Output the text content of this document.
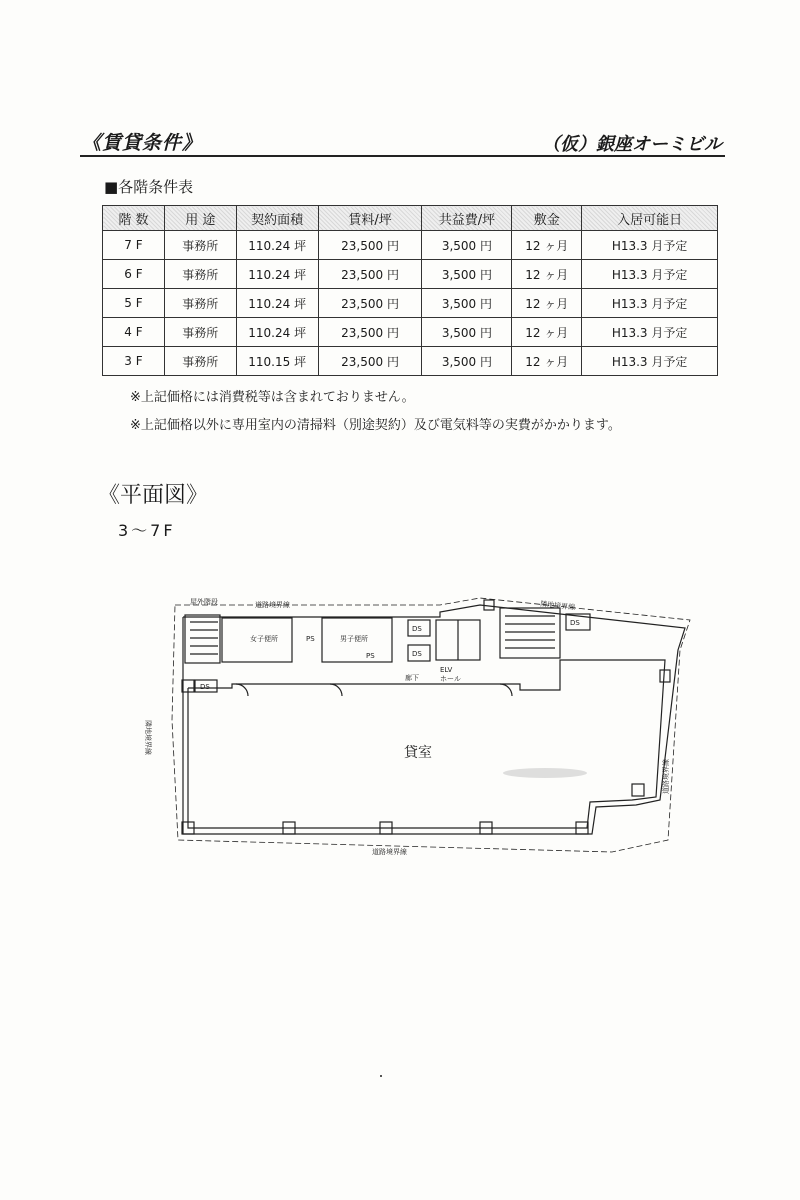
《賃貸条件》	（仮）銀座オーミビル
■各階条件表
階 数	用 途	契約面積	賃料/坪	共益費/坪	敷金	入居可能日
7 F	事務所	110.24 坪	23,500 円	3,500 円	12 ヶ月	H13.3 月予定
6 F	事務所	110.24 坪	23,500 円	3,500 円	12 ヶ月	H13.3 月予定
5 F	事務所	110.24 坪	23,500 円	3,500 円	12 ヶ月	H13.3 月予定
4 F	事務所	110.24 坪	23,500 円	3,500 円	12 ヶ月	H13.3 月予定
3 F	事務所	110.15 坪	23,500 円	3,500 円	12 ヶ月	H13.3 月予定
※上記価格には消費税等は含まれておりません。
※上記価格以外に専用室内の清掃料（別途契約）及び電気料等の実費がかかります。
《平面図》
3～7F
屋外階段	道路境界線	隣地境界線
隣地境界線
道路境界線
道路境界線
女子便所	男子便所
PS
PS
DS
DS
DS
DS
廊下
ELV
ホール
貸室
